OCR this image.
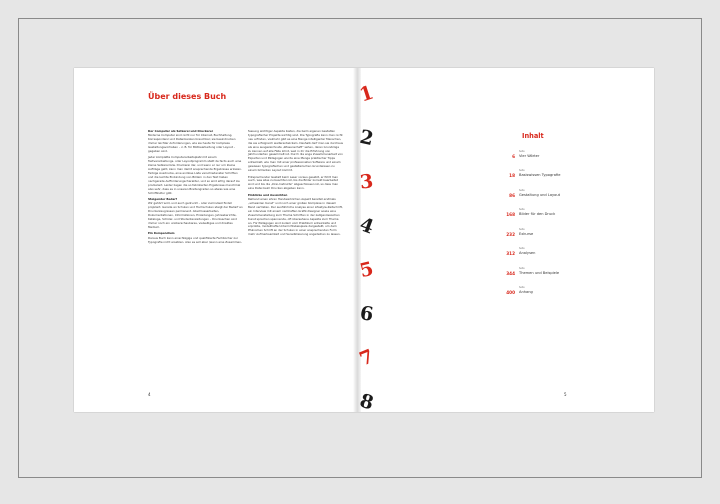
Über dieses Buch

Der Computer als Setzerei und Druckerei

Moderne Computer sind nicht nur für Internet, Buchhaltung, Korrespondenz und Datenbanken brauchbar; sie beeindrucken immer leichter Anforderungen, wie sie heute für komplexe Gestaltungsvorhaben – z. B. für Bildbearbeitung oder Layout – gegeben sind.

Jeder komplette Computerarbeitsplatz mit einem Textverarbeitungs- oder Layoutprogramm stellt de facto auch eine kleine Setzerei bzw. Druckerei dar, und wenn er nur um kleine Aufträge geht, kann man damit ansprechende Ergebnisse erzielen. Farbige Ausdrucke, eine endlose Liste verschiedenster Schriften und die leichte Einbindung von Bildern in den Text haben nachgerade Aufforderungscharakter, und so wird eifrig darauf los produziert. Leider liegen die so fabrizierten Ergebnisse manchmal also sehr, dass es in unseren Breitengraden so etwas wie eine Schriftkultur gibt.

Steigender Bedarf

Wir gehört wird, und auch gedruckt – oder zumindest findet projiziert. Gerade an Schulen und Hochschulen steigt der Bedarf an Druckerzeugnissen permanent. Abschlussarbeiten, Dokumentationen, Informationen, Einladungen, Jahresberichte, Kataloge, Schüler- und Studentenzeitungen – Drucksachen sind immer noch ein unüberschaubares, vielseitiges und direktes Medium.

Ein Kompendium

Daraus Buch kann einschlägige und qualifizierte Fachbücher zur Typografie nicht ersetzen. Also es soll aber (wenn eine Zusammen-

fassung wichtiger Aspekte bieten, die beim eigenen Gestalten typografischer Projekte wichtig sind. Die Typografie kann man nicht neu erfinden, vielmehr gibt es eine Menge intelligenter Menschen, die sie erfolgreich weiterentwickeln. Deshalb darf man sie durchaus als eine ausgezeichnete „Wissenschaft“ sehen, deren Grundzüge zu kennen auf alle Fälle lohnt, weil in ihr die Erfahrung von Jahrhunderten gesammelt ist. Durch die enge Zusammenarbeit von Experten und Pädagogen wurde eine Menge praktischer Tipps entwickelt, wie man mit einer professionellen Software und einem gewissen typografischen und gestalterischen Grundwissen zu einem brillanten Layout kommt.

Entsprechender Gestalt beim Leser voraus gesetzt, er fühlt man auch, was alles zu beachten ist, bis die Bilder korrekt bearbeitet sind und bis die „Drei-Instrukte“ abgeschlossen ist, so dass man eine Datei beim Drucken abgeben kann.

Einblicke und Aussichten

Reihend einen ehren Handwerklichen Aspekt bereitet erstmals „schwarzen Kunst“ und noch einer großen Komplexe in diesem Band vertreten. Der ausführliche Analyse einer Lifestyle-Zeitschrift, ein Interview mit einem namhaften Grafik-Designer sowie eine Zusammenstellung zum Thema Schriften in der zeitgenössischen Kunst sprechen spannende, oft übersehene Aspekte zum Thema an. Für Pädagogen sind zudem vom Praktikum entwickelte und erprobte, modellhafte Unterrichtsbeispiele dargestellt, um dem Phänomen Schrift an der Schulen in einer ansprechenden Form mehr Aufmerksamkeit und Sensibilisierung angedeihen zu lassen.

4
1
2
3
4
5
6
7
8
Inhalt
Seite
6 Vier Wörter
Seite
18 Basiswissen Typografie
Seite
86 Gestaltung und Layout
Seite
168 Bilder für den Druck
Seite
232 Exkurse
Seite
312 Analysen
Seite
344 Themen und Beispiele
Seite
400 Anhang
5
